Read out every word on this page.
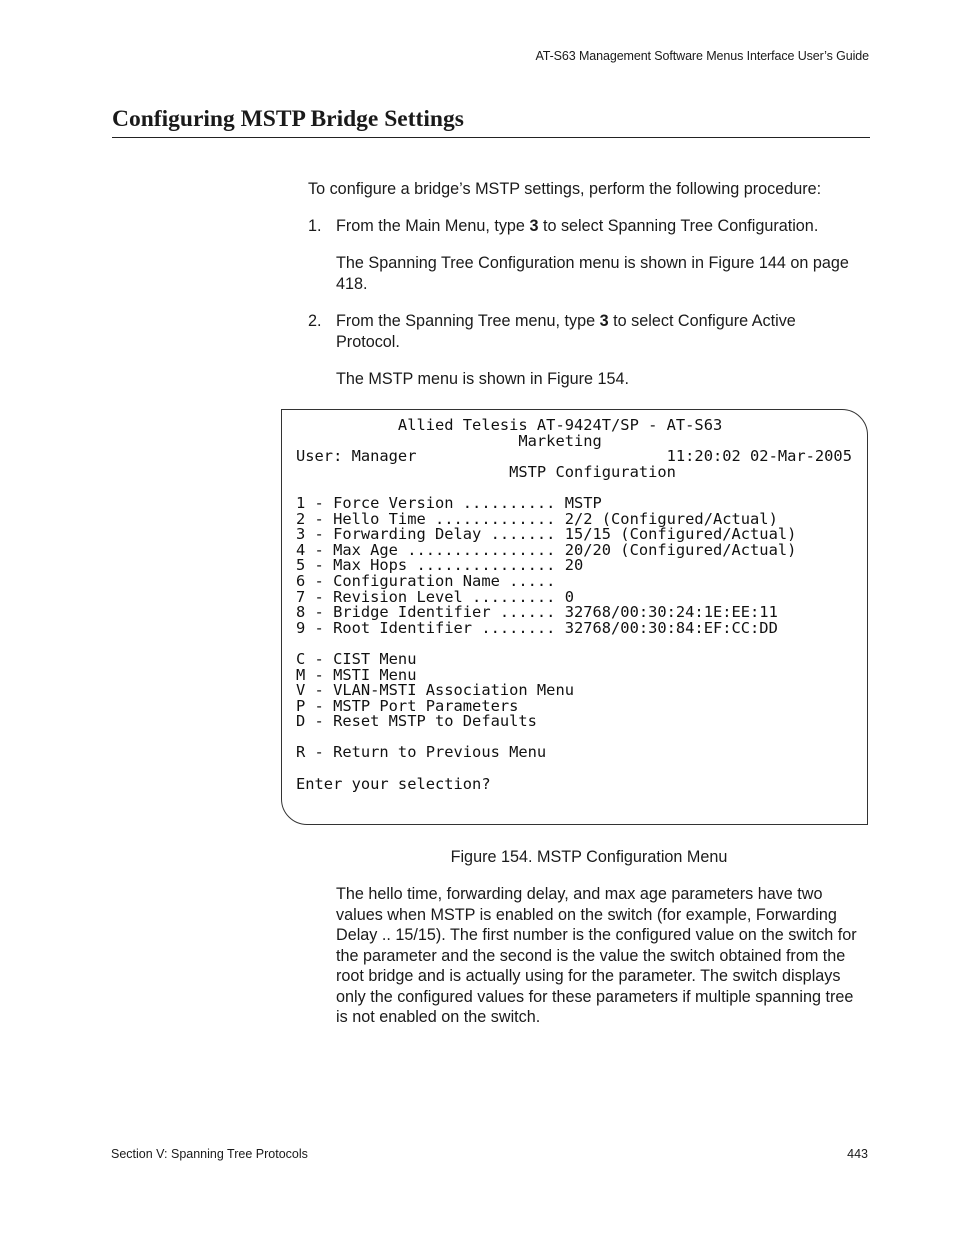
AT-S63 Management Software Menus Interface User’s Guide
Configuring MSTP Bridge Settings

To configure a bridge’s MSTP settings, perform the following procedure:

1. From the Main Menu, type 3 to select Spanning Tree Configuration.

The Spanning Tree Configuration menu is shown in Figure 144 on page 418.

2. From the Spanning Tree menu, type 3 to select Configure Active Protocol.

The MSTP menu is shown in Figure 154.

Allied Telesis AT-9424T/SP - AT-S63
Marketing
User: Manager                           11:20:02 02-Mar-2005
MSTP Configuration
1 - Force Version .......... MSTP
2 - Hello Time ............. 2/2 (Configured/Actual)
3 - Forwarding Delay ....... 15/15 (Configured/Actual)
4 - Max Age ................ 20/20 (Configured/Actual)
5 - Max Hops ............... 20
6 - Configuration Name .....
7 - Revision Level ......... 0
8 - Bridge Identifier ...... 32768/00:30:24:1E:EE:11
9 - Root Identifier ........ 32768/00:30:84:EF:CC:DD
C - CIST Menu
M - MSTI Menu
V - VLAN-MSTI Association Menu
P - MSTP Port Parameters
D - Reset MSTP to Defaults
R - Return to Previous Menu
Enter your selection?
Figure 154. MSTP Configuration Menu

The hello time, forwarding delay, and max age parameters have two values when MSTP is enabled on the switch (for example, Forwarding Delay .. 15/15). The first number is the configured value on the switch for the parameter and the second is the value the switch obtained from the root bridge and is actually using for the parameter. The switch displays only the configured values for these parameters if multiple spanning tree is not enabled on the switch.

Section V: Spanning Tree Protocols	443
